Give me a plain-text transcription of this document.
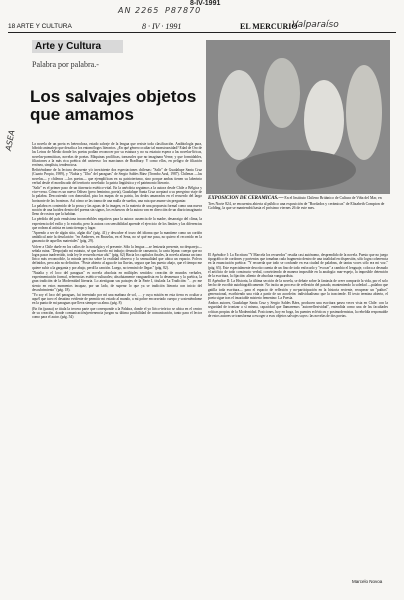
8-IV-1991
AN 2265 P87870
Valparaíso
ASEA
18 ARTE Y CULTURA	8 · IV · 1991	EL MERCURIO
Arte y Cultura
Palabra por palabra.-
Los salvajes objetos que amamos

La novela de un poeta es heterodoxa, estado salvaje de la lengua que resiste toda clasificación. Antibiología pura, híbrido animalejo que desafía a los entomólogos literarios. ¿En qué género ocultar tal monstruosidad? Edad de Oro de las Letras de Medio donde los poetas podían reconocer por su estatura y no su estatuto espera a las novelas-líricas, novelas-poemáticas, novelas de poetas. Máquinas prolíficas, tornasoles que no imaginara Verne, y que formidables, filiaciones a la más rica poética del universo: los marcianos de Bradbury. Y como ellos, en peligro de filiación errónea, simplista, tendenciosa.

Refiriéndome de la lectura descuente y/o inexistente dos espectaciones chilenas: "Salir" de Guadalupe Santa Cruz (Cuarto Propio, 1989), y "Nubia y "Ubo" del paraguas" de Sergio Saldes Báez (Trombo Azul, 1987). Chilenas —las novelas— y chilenos —los poetas— que ejemplifican en su patrioterismo, sino porque ambas tienen su laberinto verbal desde el mordiscado del territorio novelado: la patria lingüística y el patrimonio literario.

"Salir" es el primer paso de un itinerario estético-vital. En la anécdota seguimos a la autora desde Chile a Bélgica y vice-versa. Cómo es un nuevo Odiseo (pero feminino, poeta), Guadalupe Santa Cruz aceptará a su peregrino viaje de la palabra. Descosiendo con donosidad, pisa los mapas de su patria, los dedos amarrados en el recuerdo del largo horizonte de las fronteras. Así cómo se las trama de una malla de sueños, una ruta que asume sin preguntar.

La palabra es contenido de la prosa y las aguas de la imagen, es la materia de una propuesta formal como una nueva noción de una lucidez dentro del poema sin signos, los esfuerzos de la autora van en dirección de un diario imaginario lleno de rostros que la habitan.

La pérdida del país emulsiona inconcebibles negativos para la autora: ausencia de la madre, desarraigo del clima, la experiencia del exilio y lo extraño, pero la autora con sensibilidad aprende el ejercicio de los límites y las diferencias que rodean al artista en tanto tiempo y lugar.

"Aprendo a ser de algún sitio, algún día" (pág. 41) y descubre el trozo del idioma que la mantiene como un cordón umbilical ante la desolación: "en Amberes, en Bruselas, en el Sena, no sé qué me pasa, no quiero el recorrido en la ganancia de aquellos materiales" (pág. 29).

Volver a Chile duele en los callos de la nostalgia y el presente. Sólo la lengua —se lenizaría presente, no desparejo— señala ruina. "Despojado mi estatuto, sé que hacerlo mi trabajo; desnudo de cansancio, la carta lejana: cuerpo que no logra pasar inadvertido, toda ley le recuerda estar ahí." (pág. 62) Hacia los capítulos finales, la novela afianza un tono lírico más reconocible, la mirada precisa sobre la realidad observa y la sensualidad que ubica un espacio. Polvos definidos, pero aún no definitiva. "Poste abierto al agua de tus lluvias, segura que has puesto abajo, que el tiempo me quiere subir a la garganta y por abajo, perdí la canción. Luego, no terminó de llegar." (pág. 82).

"Natalia y el loco del paraguas" es novela absoluta en múltiples sentidos: creación de mundos verbales, experimentación formal, referencias estético-culturales; absolutamente vanguardista en la desmesura y la poética, la gran tradición de la Modernidad literaria. Lo atestiguan sus paisajes de la Parte I, titulada La Tradición: "…yo me siento en estos momentos incapaz, por un lado, de superar lo que ya se tradición literaria con inicio del descubrimiento" (pág. 18).

"Yo soy el loco del paraguas, fui inventado por mí una mañana de sol, … y cuya misión en esta tierra es ocultar a aquél que tuvo el desatino evidente de permitir mi estado al mundo, a mi pobre encorsetado cuerpo y sosteniéndome en la punta de mi paraguas que lleva siempre su alma. (pág. 8)

(En fin (pausa) se titula la tercera parte que corresponde a la Palabra, donde el yo lírico-teórico se ubica en el centro de su creación, donde comunicación/pertenencia juegan su última posibilidad de comunicación, tanto para el lector como para el autor. (pág. 54)

EXPOSICION DE CERAMICAS.— En el Instituto Chileno Británico de Cultura de Viña del Mar, en Tres Norte 824, se encuentra abierta al público una exposición de "Bordados y cerámicas" de Elizabeth Compton de Golding, la que se mantendrá hasta el próximo viernes 26 de este mes.

El Apéndice I: La Escritura "Y Marcela los recuerdos" resulta casi autónomo, desprendido de la novela. Puesto que no juego tipográfico de cordones y portentos que tomaban cada fragmento dentro de una totalidad en dispersión, sólo logra coherencia en la enunciación poética: "Y recuerda que todo se confunde en esa ciudad de palabras, de tantas voces sólo era mi voz." (pág. 65). Este especialmente descrito cuenta de un fino de todo enfocarlo y "evocar" a cambio el lenguaje, coloca a desnudo el artificio de todo constructo verbal, convirtiendo de manera imposible en la analogía: mar-espejo, la imposible detención de la escritura, la fijación: aliento de absoluta vanguardista.

El Apéndice II: La Historia, la última sección de la novela, se debate sobre la fantasía de creer compartir la vida, por el solo hecho de escribir autobiográficamente. No incita un proceso de reflexión del pasado, manteniendo la soledad —palabra que gatilla toda escritura— para el espacio de reflexión y no-participación en la historia reciente, recuperar un "pathos" generacional, escribiendo una vida a partir de un acordeón: individualismo que la trasciende. El texto termina abierto, el poeta sigue tras el insaciable misterio femenino: La Poesía.

Ambos autores, Guadalupe Santa Cruz y Sergio Saldes Báez, producen una escritura pasea veces vista en Chile: con la seguridad de ironizar a sí misma, capacidad que llamaremos "autorreflexividad", entendida como una de las facultades críticas propias de la Modernidad. Posiciones, hoy en boga, los puentes eclécticos y postmodernistas, la rebeldía responsable de estos autores se transforma a escoger a esos objetos salvajes suyos: las novelas de dos poetas.

Marcelo Novoa
